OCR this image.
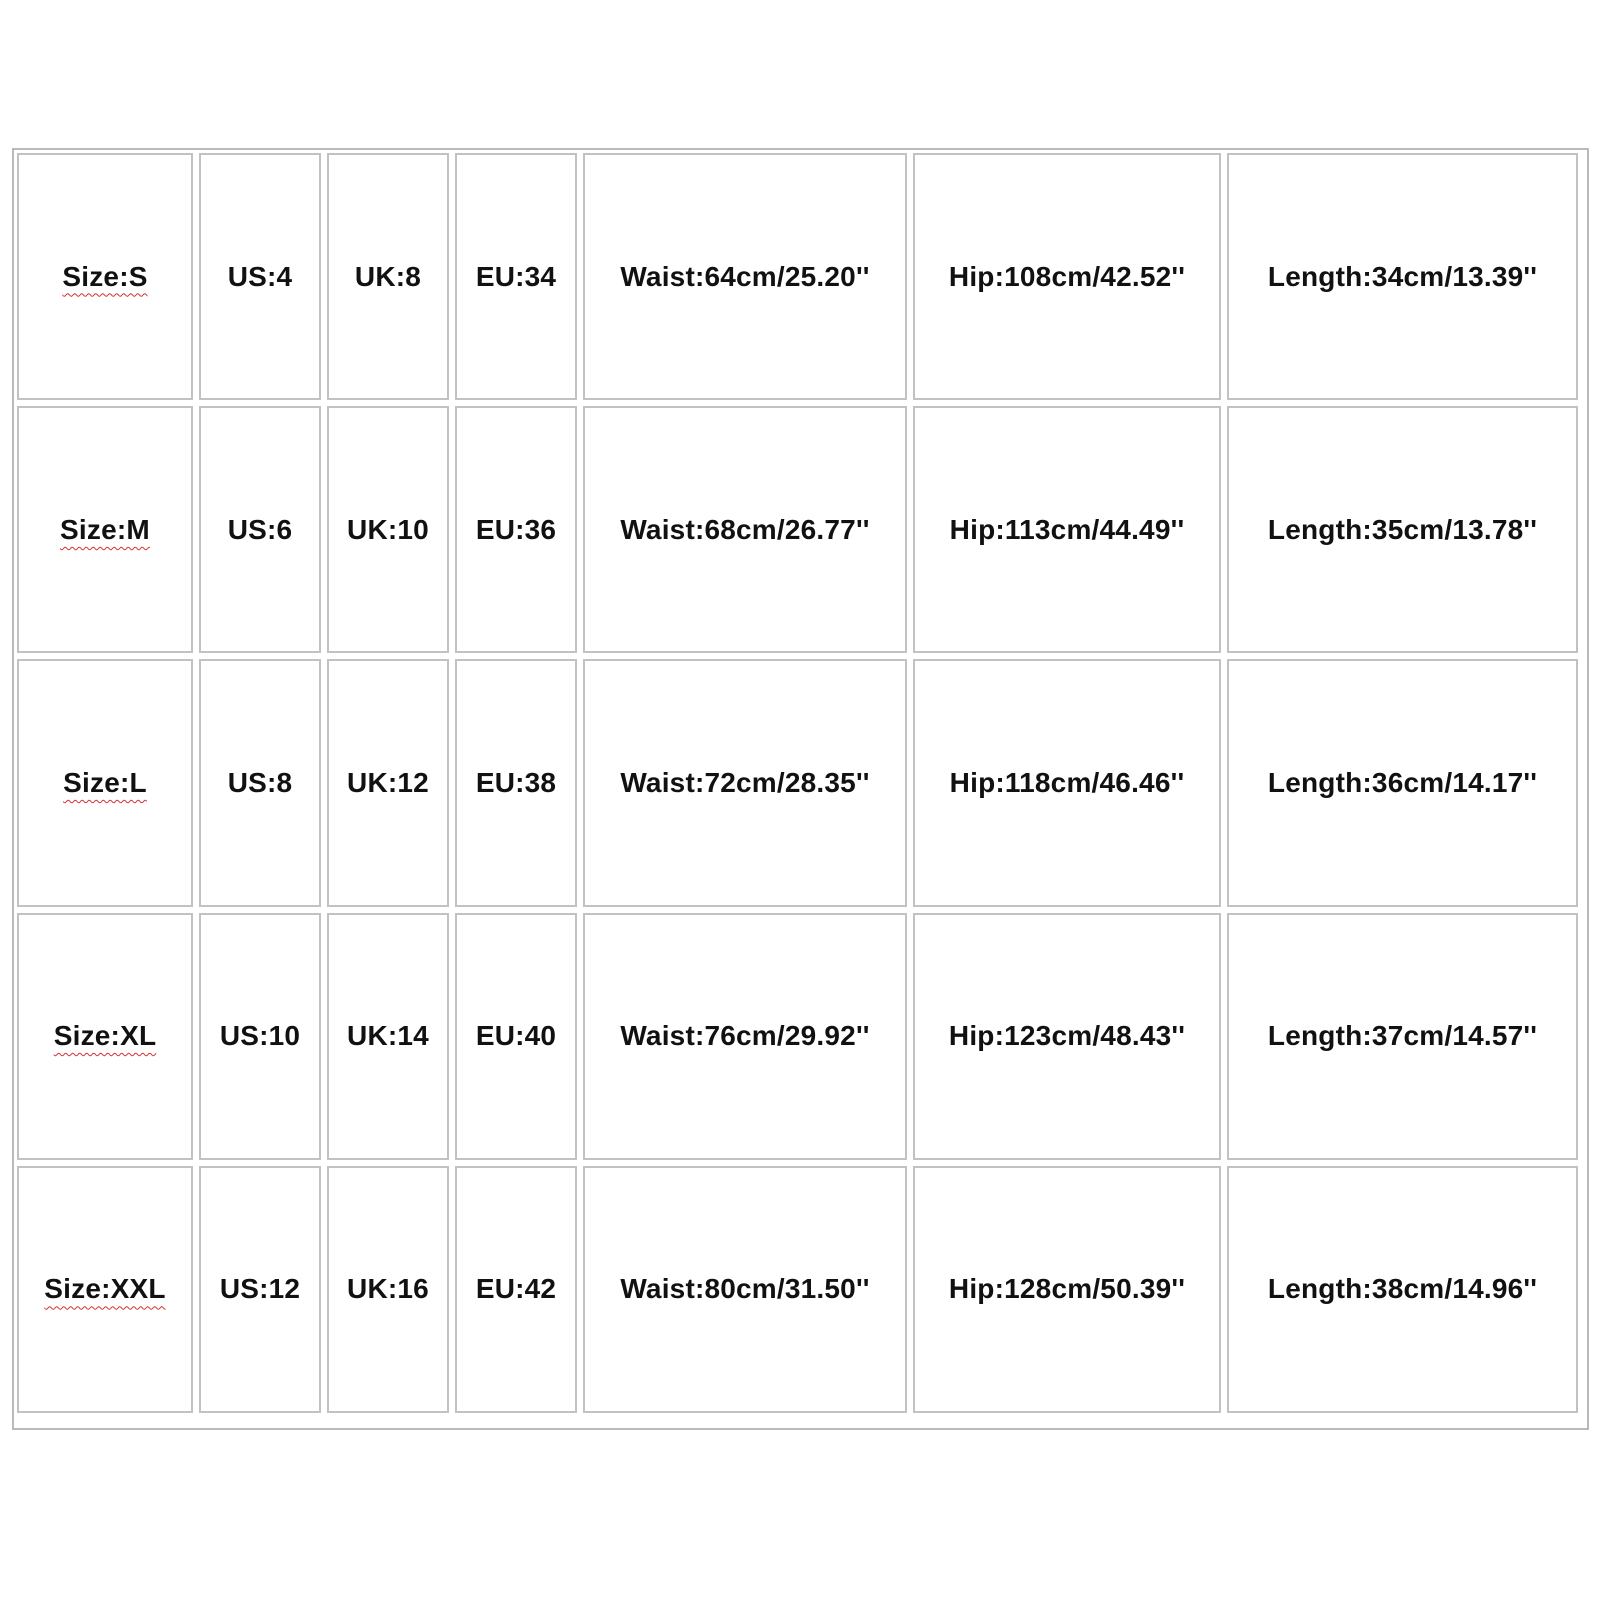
Size:S	US:4	UK:8	EU:34	Waist:64cm/25.20''	Hip:108cm/42.52''	Length:34cm/13.39''
Size:M	US:6	UK:10	EU:36	Waist:68cm/26.77''	Hip:113cm/44.49''	Length:35cm/13.78''
Size:L	US:8	UK:12	EU:38	Waist:72cm/28.35''	Hip:118cm/46.46''	Length:36cm/14.17''
Size:XL	US:10	UK:14	EU:40	Waist:76cm/29.92''	Hip:123cm/48.43''	Length:37cm/14.57''
Size:XXL	US:12	UK:16	EU:42	Waist:80cm/31.50''	Hip:128cm/50.39''	Length:38cm/14.96''
